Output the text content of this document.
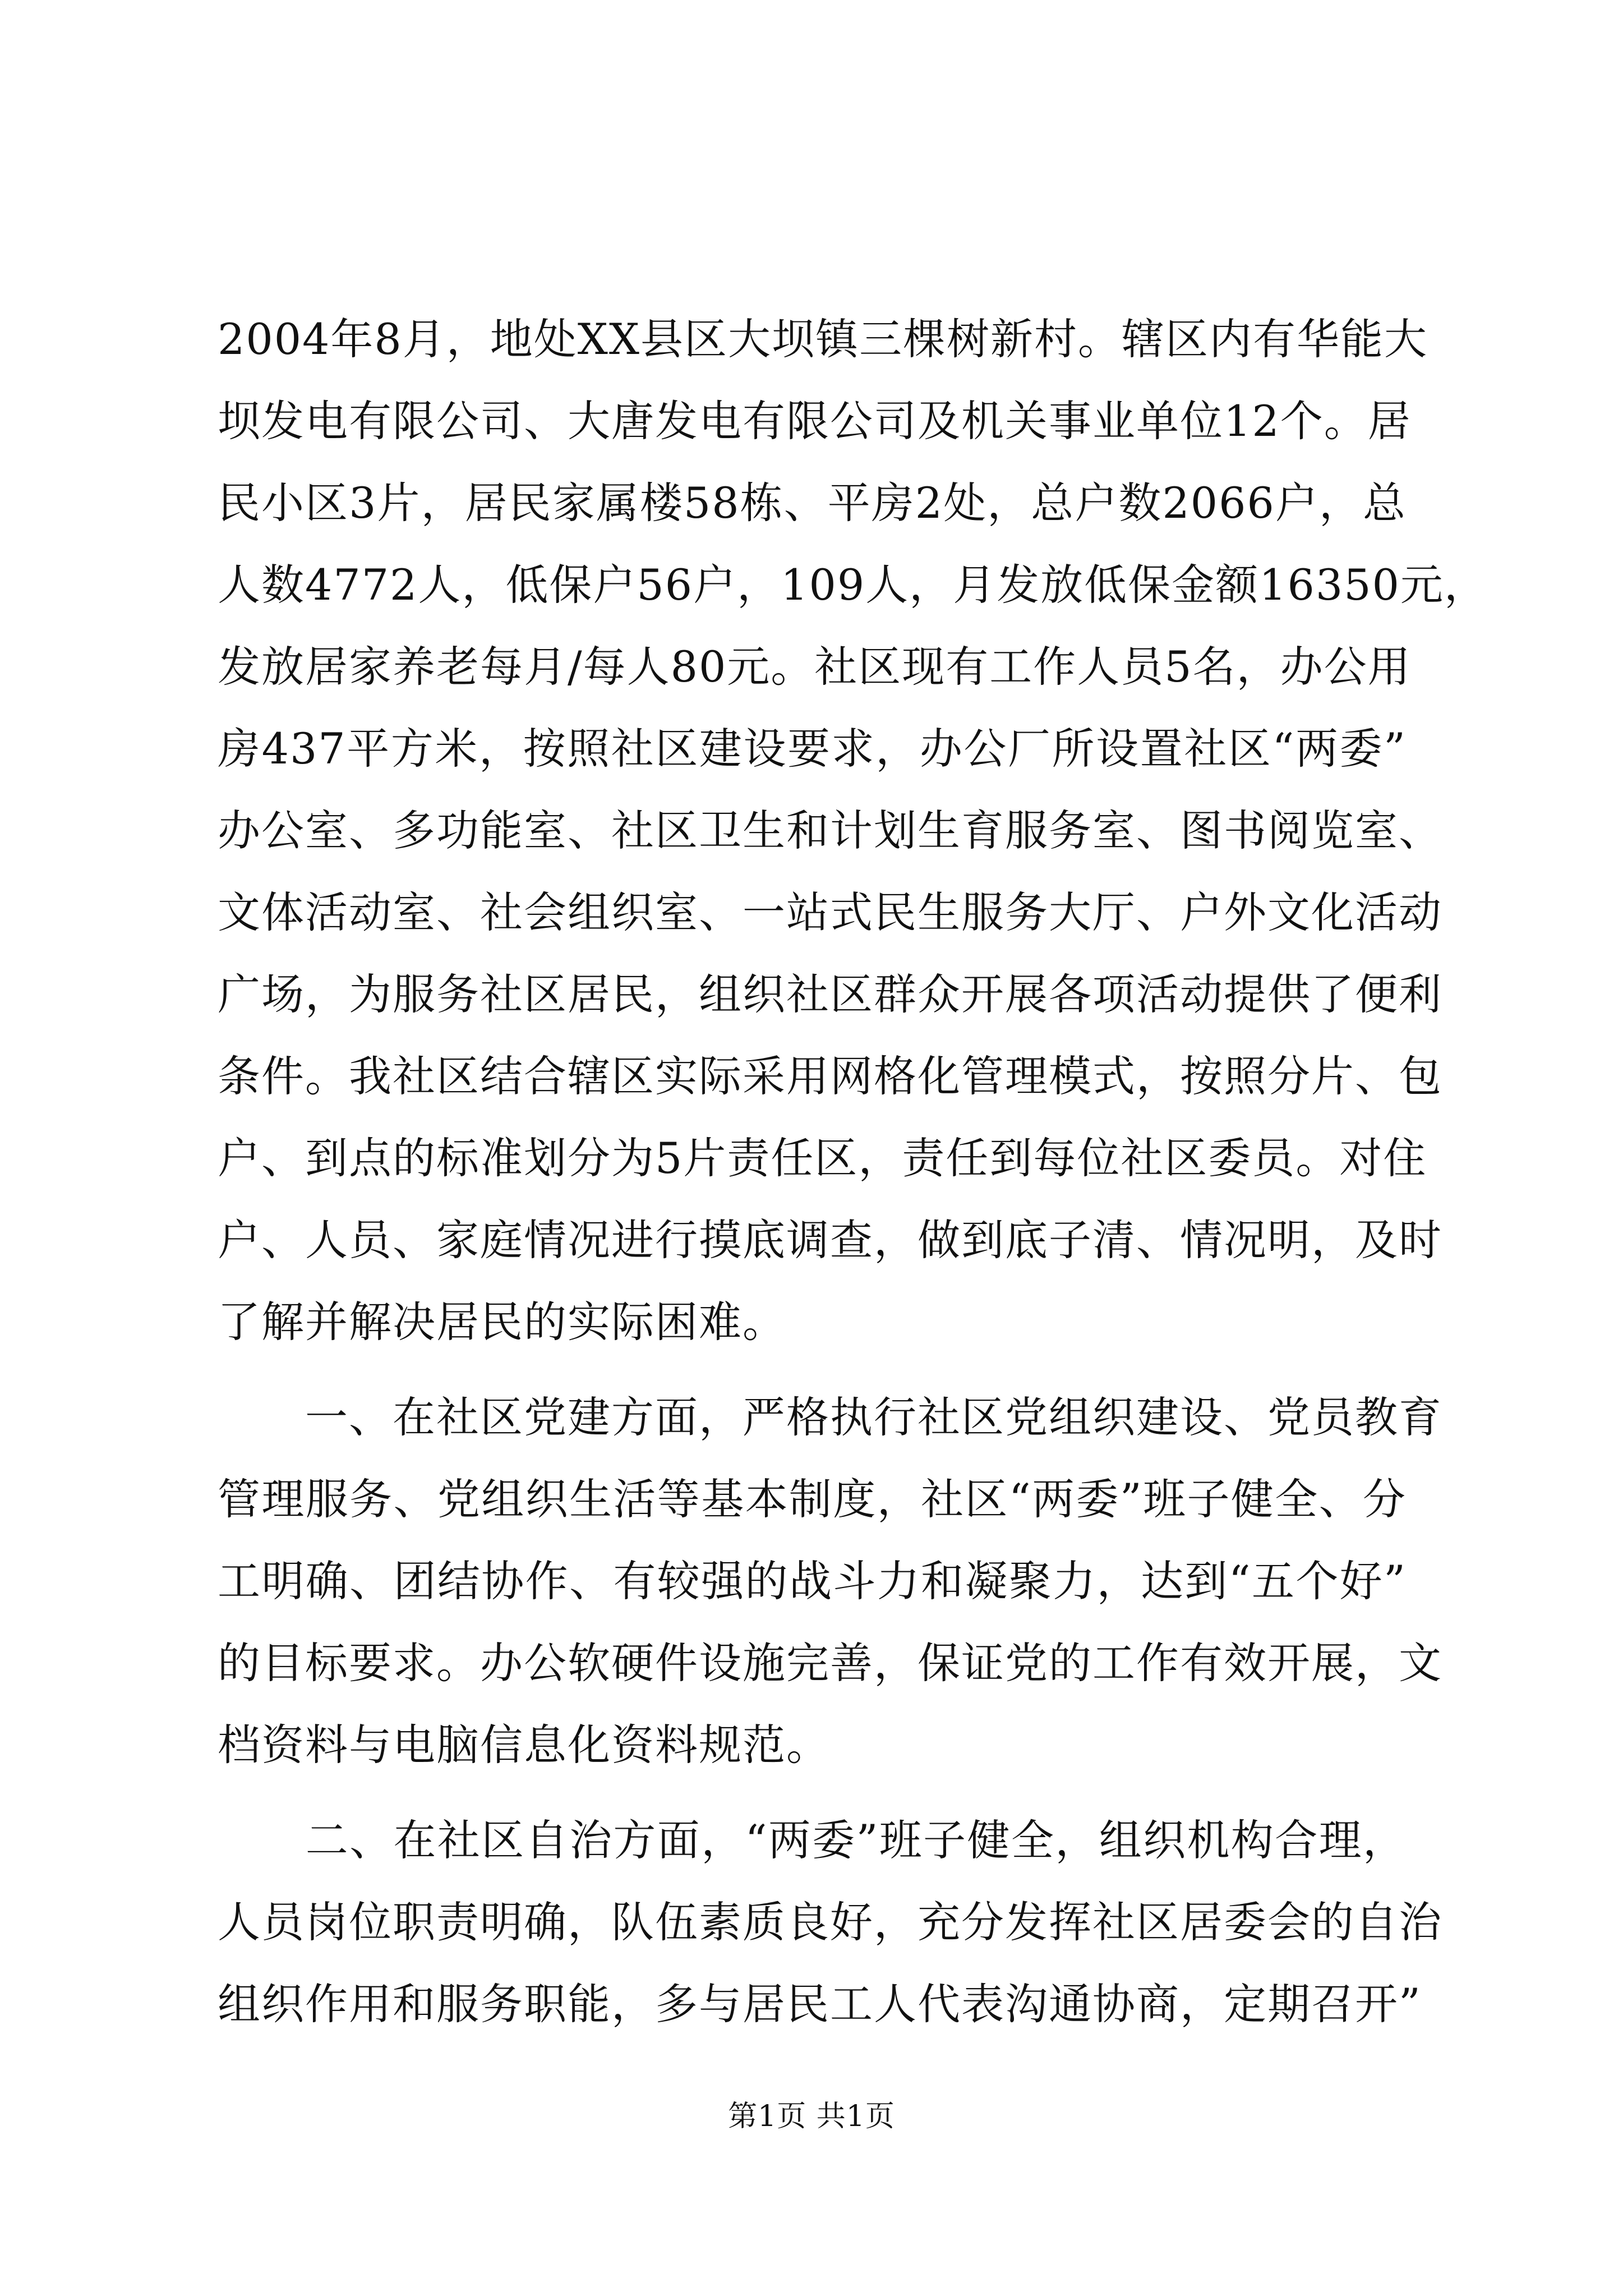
2004年8月，地处XX县区大坝镇三棵树新村。辖区内有华能大
坝发电有限公司、大唐发电有限公司及机关事业单位12个。居
民小区3片，居民家属楼58栋、平房2处，总户数2066户，总
人数4772人，低保户56户，109人，月发放低保金额16350元，
发放居家养老每月/每人80元。社区现有工作人员5名，办公用
房437平方米，按照社区建设要求，办公厂所设置社区“两委”
办公室、多功能室、社区卫生和计划生育服务室、图书阅览室、
文体活动室、社会组织室、一站式民生服务大厅、户外文化活动
广场，为服务社区居民，组织社区群众开展各项活动提供了便利
条件。我社区结合辖区实际采用网格化管理模式，按照分片、包
户、到点的标准划分为5片责任区，责任到每位社区委员。对住
户、人员、家庭情况进行摸底调查，做到底子清、情况明，及时
了解并解决居民的实际困难。
　　一、在社区党建方面，严格执行社区党组织建设、党员教育
管理服务、党组织生活等基本制度，社区“两委”班子健全、分
工明确、团结协作、有较强的战斗力和凝聚力，达到“五个好”
的目标要求。办公软硬件设施完善，保证党的工作有效开展，文
档资料与电脑信息化资料规范。
　　二、在社区自治方面，“两委”班子健全，组织机构合理，
人员岗位职责明确，队伍素质良好，充分发挥社区居委会的自治
组织作用和服务职能，多与居民工人代表沟通协商，定期召开”
第1页 共1页
